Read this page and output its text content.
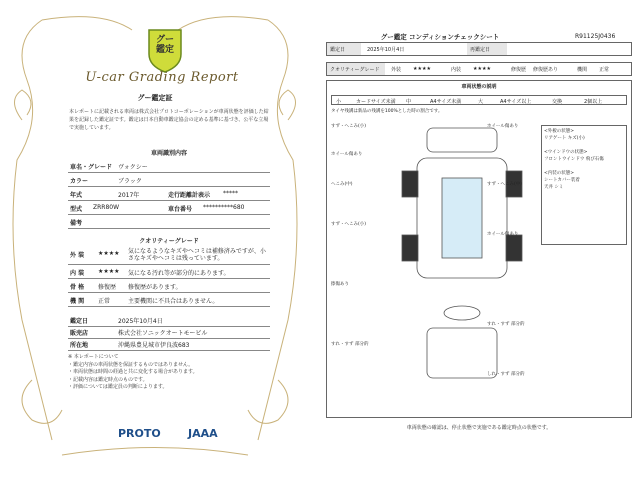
グー
鑑定
U-car Grading Report
グー鑑定証
本レポートに記載される車両は株式会社プロトコーポレーションが車両状態を評価した結果を記録した鑑定証です。鑑定は日本自動車鑑定協会の定める基準に基づき、公平な立場で実施しています。
車両識別内容
車名・グレード ヴォクシー
カラー	ブラック
年式	2017年	走行距離計表示 *****
型式 ZRR80W	車台番号 **********680
備考
クオリティーグレード
外 装 ★★★★ 気になるようなキズやヘコミは補修済みですが、小さなキズやヘコミは残っています。
内 装 ★★★★ 気になる汚れ等が部分的にあります。
骨 格 修復歴 修復歴があります。
機 関 正常	主要機関に不具合はありません。
鑑定日	2025年10月4日
販売店	株式会社ソニックオートモービル
所在地	沖縄県豊見城市伊良波683
※ 本レポートについて
・鑑定内容の車両状態を保証するものではありません。
・車両状態は時間の経過と共に変化する場合があります。
・記載内容は鑑定時点のものです。
・評価については鑑定員の判断によります。
PROTO JAAA
グー鑑定 コンディションチェックシート	R91125J0436
鑑定日	2025年10月4日	再鑑定日
クオリティーグレード	外装 ★★★★	内装 ★★★★	修復歴 修復歴あり	機関 正常
車両状態の説明
小	カードサイズ未満 中	A4サイズ未満	大	A4サイズ以上	交換	2個以上
タイヤ残溝は新品の残溝を100%とした時の割合です。
すず・へこみ(小)
ホイール傷あり
へこみ(中)
すず・へこみ(小)
擦傷あり
すれ・すず 部分的
ホイール傷あり
すず・へこみ(中)
ホイール傷あり
すれ・すず 部分的
しれ・すず 部分的
<外板の状態>
リアゲート キズ(小)
<ウインドウの状態>
フロントウインドウ 飛び石傷
<内装の状態>
シートカバー装着
天井 シミ
車両状態の確認は、停止状態で実施である鑑定時点の状態です。
